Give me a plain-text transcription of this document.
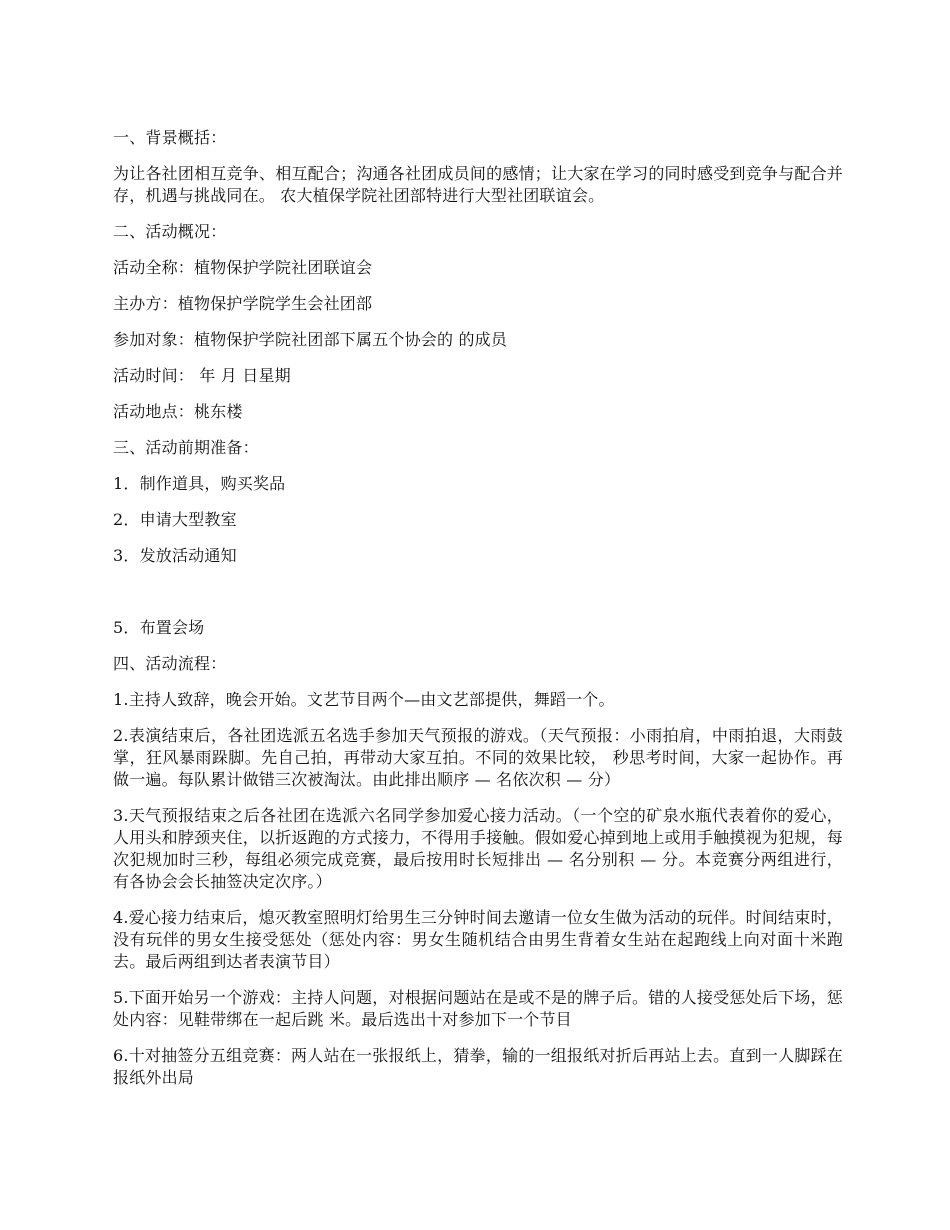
一、背景概括：

为让各社团相互竞争、相互配合；沟通各社团成员间的感情；让大家在学习的同时感受到竞争与配合并存，机遇与挑战同在。 农大植保学院社团部特进行大型社团联谊会。

二、活动概况：

活动全称：植物保护学院社团联谊会

主办方：植物保护学院学生会社团部

参加对象：植物保护学院社团部下属五个协会的 的成员

活动时间： 年 月 日星期

活动地点：桃东楼

三、活动前期准备：

1．制作道具，购买奖品

2．申请大型教室

3．发放活动通知

5．布置会场

四、活动流程：

1.主持人致辞，晚会开始。文艺节目两个—由文艺部提供，舞蹈一个。

2.表演结束后，各社团选派五名选手参加天气预报的游戏。（天气预报：小雨拍肩，中雨拍退，大雨鼓掌，狂风暴雨跺脚。先自己拍，再带动大家互拍。不同的效果比较， 秒思考时间，大家一起协作。再做一遍。每队累计做错三次被淘汰。由此排出顺序 — 名依次积 — 分）

3.天气预报结束之后各社团在选派六名同学参加爱心接力活动。（一个空的矿泉水瓶代表着你的爱心，人用头和脖颈夹住，以折返跑的方式接力，不得用手接触。假如爱心掉到地上或用手触摸视为犯规，每次犯规加时三秒，每组必须完成竞赛，最后按用时长短排出 — 名分别积 — 分。本竞赛分两组进行，有各协会会长抽签决定次序。）

4.爱心接力结束后，熄灭教室照明灯给男生三分钟时间去邀请一位女生做为活动的玩伴。时间结束时，没有玩伴的男女生接受惩处（惩处内容：男女生随机结合由男生背着女生站在起跑线上向对面十米跑去。最后两组到达者表演节目）

5.下面开始另一个游戏：主持人问题，对根据问题站在是或不是的牌子后。错的人接受惩处后下场，惩处内容：见鞋带绑在一起后跳 米。最后选出十对参加下一个节目

6.十对抽签分五组竞赛：两人站在一张报纸上，猜拳，输的一组报纸对折后再站上去。直到一人脚踩在报纸外出局
